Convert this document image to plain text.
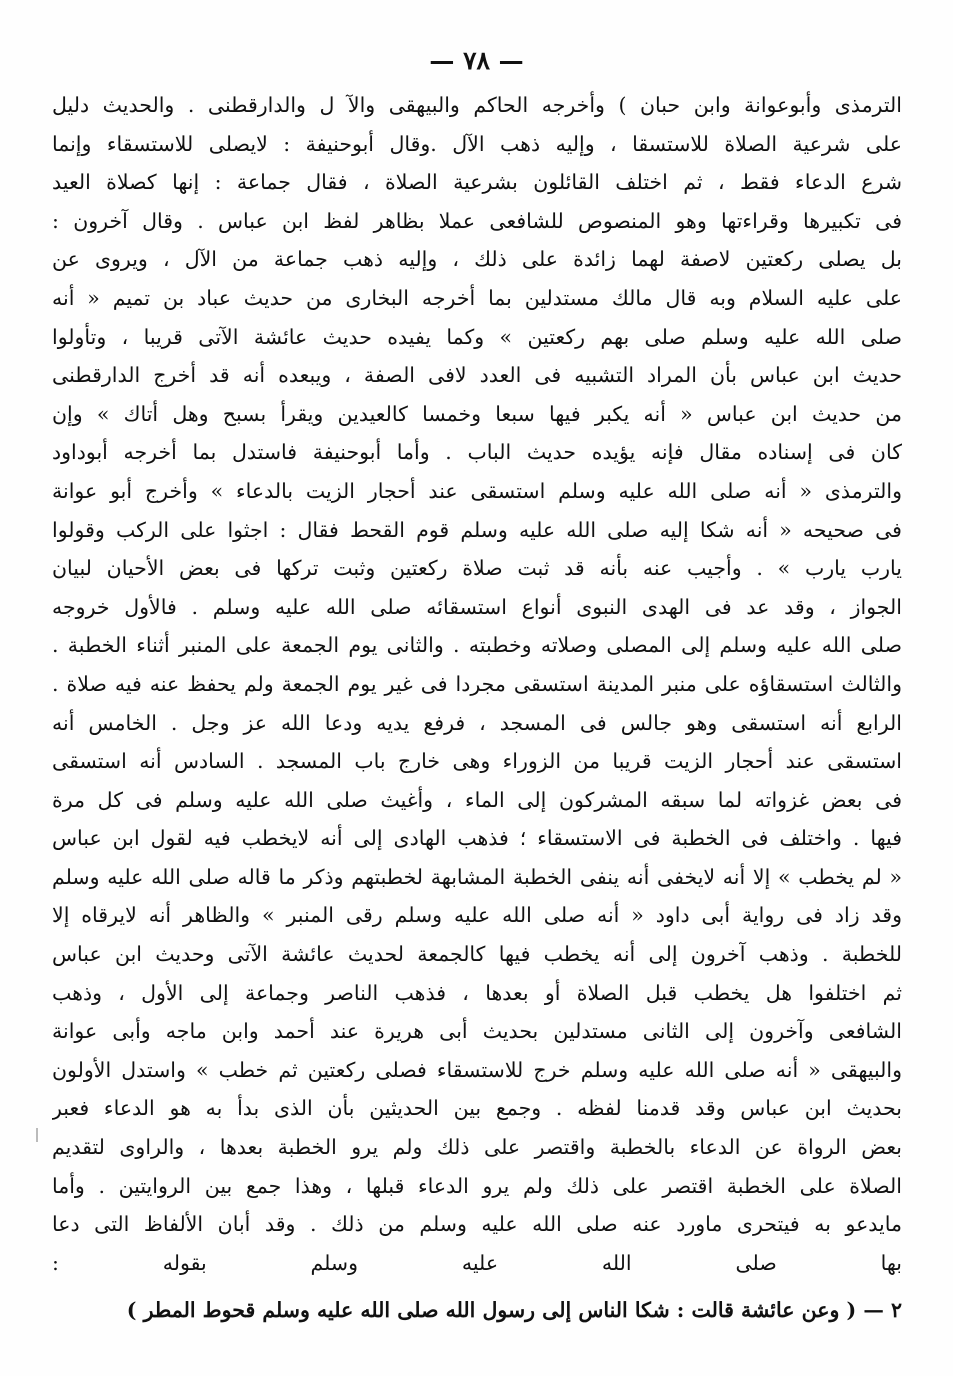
— ٧٨ —
الترمذى وأبوعوانة وابن حبان ) وأخرجه الحاكم والبيهقى والآ ل والدارقطنى . والحديث دليل
على شرعية الصلاة للاستسقا ، وإليه ذهب الآل .وقال أبوحنيفة : لايصلى للاستسقاء وإنما
شرع الدعاء فقط ، ثم اختلف القائلون بشرعية الصلاة ، فقال جماعة : إنها كصلاة العيد
فى تكبيرها وقراءتها وهو المنصوص للشافعى عملا بظاهر لفظ ابن عباس . وقال آخرون :
بل يصلى ركعتين لاصفة لهما زائدة على ذلك ، وإليه ذهب جماعة من الآل ، ويروى عن
على عليه السلام وبه قال مالك مستدلين بما أخرجه البخارى من حديث عباد بن تميم « أنه
صلى الله عليه وسلم صلى بهم ركعتين » وكما يفيده حديث عائشة الآتى قريبا ، وتأولوا
حديث ابن عباس بأن المراد التشبيه فى العدد لافى الصفة ، ويبعده أنه قد أخرج الدارقطنى
من حديث ابن عباس « أنه يكبر فيها سبعا وخمسا كالعيدين ويقرأ بسبح وهل أتاك » وإن
كان فى إسناده مقال فإنه يؤيده حديث الباب . وأما أبوحنيفة فاستدل بما أخرجه أبوداود
والترمذى « أنه صلى الله عليه وسلم استسقى عند أحجار الزيت بالدعاء » وأخرج أبو عوانة
فى صحيحه « أنه شكا إليه صلى الله عليه وسلم قوم القحط فقال : اجثوا على الركب وقولوا
يارب يارب » . وأجيب عنه بأنه قد ثبت صلاة ركعتين وثبت تركها فى بعض الأحيان لبيان
الجواز ، وقد عد فى الهدى النبوى أنواع استسقائه صلى الله عليه وسلم . فالأول خروجه
صلى الله عليه وسلم إلى المصلى وصلاته وخطبته . والثانى يوم الجمعة على المنبر أثناء الخطبة .
والثالث استسقاؤه على منبر المدينة استسقى مجردا فى غير يوم الجمعة ولم يحفظ عنه فيه صلاة .
الرابع أنه استسقى وهو جالس فى المسجد ، فرفع يديه ودعا الله عز وجل . الخامس أنه
استسقى عند أحجار الزيت قريبا من الزوراء وهى خارج باب المسجد . السادس أنه استسقى
فى بعض غزواته لما سبقه المشركون إلى الماء ، وأغيث صلى الله عليه وسلم فى كل مرة
فيها . واختلف فى الخطبة فى الاستسقاء ؛ فذهب الهادى إلى أنه لايخطب فيه لقول ابن عباس
« لم يخطب » إلا أنه لايخفى أنه ينفى الخطبة المشابهة لخطبتهم وذكر ما قاله صلى الله عليه وسلم
وقد زاد فى رواية أبى داود « أنه صلى الله عليه وسلم رقى المنبر » والظاهر أنه لايرقاه إلا
للخطبة . وذهب آخرون إلى أنه يخطب فيها كالجمعة لحديث عائشة الآتى وحديث ابن عباس
ثم اختلفوا هل يخطب قبل الصلاة أو بعدها ، فذهب الناصر وجماعة إلى الأول ، وذهب
الشافعى وآخرون إلى الثانى مستدلين بحديث أبى هريرة عند أحمد وابن ماجه وأبى عوانة
والبيهقى « أنه صلى الله عليه وسلم خرج للاستسقاء فصلى ركعتين ثم خطب » واستدل الأولون
بحديث ابن عباس وقد قدمنا لفظه . وجمع بين الحديثين بأن الذى بدأ به هو الدعاء فعبر
بعض الرواة عن الدعاء بالخطبة واقتصر على ذلك ولم يرو الخطبة بعدها ، والراوى لتقديم
الصلاة على الخطبة اقتصر على ذلك ولم يرو الدعاء قبلها ، وهذا جمع بين الروايتين . وأما
مايدعو به فيتحرى ماورد عنه صلى الله عليه وسلم من ذلك . وقد أبان الألفاظ التى دعا
بها صلى الله عليه وسلم بقوله :
٢ — ( وعن عائشة قالت : شكا الناس إلى رسول الله صلى الله عليه وسلم قحوط المطر )
